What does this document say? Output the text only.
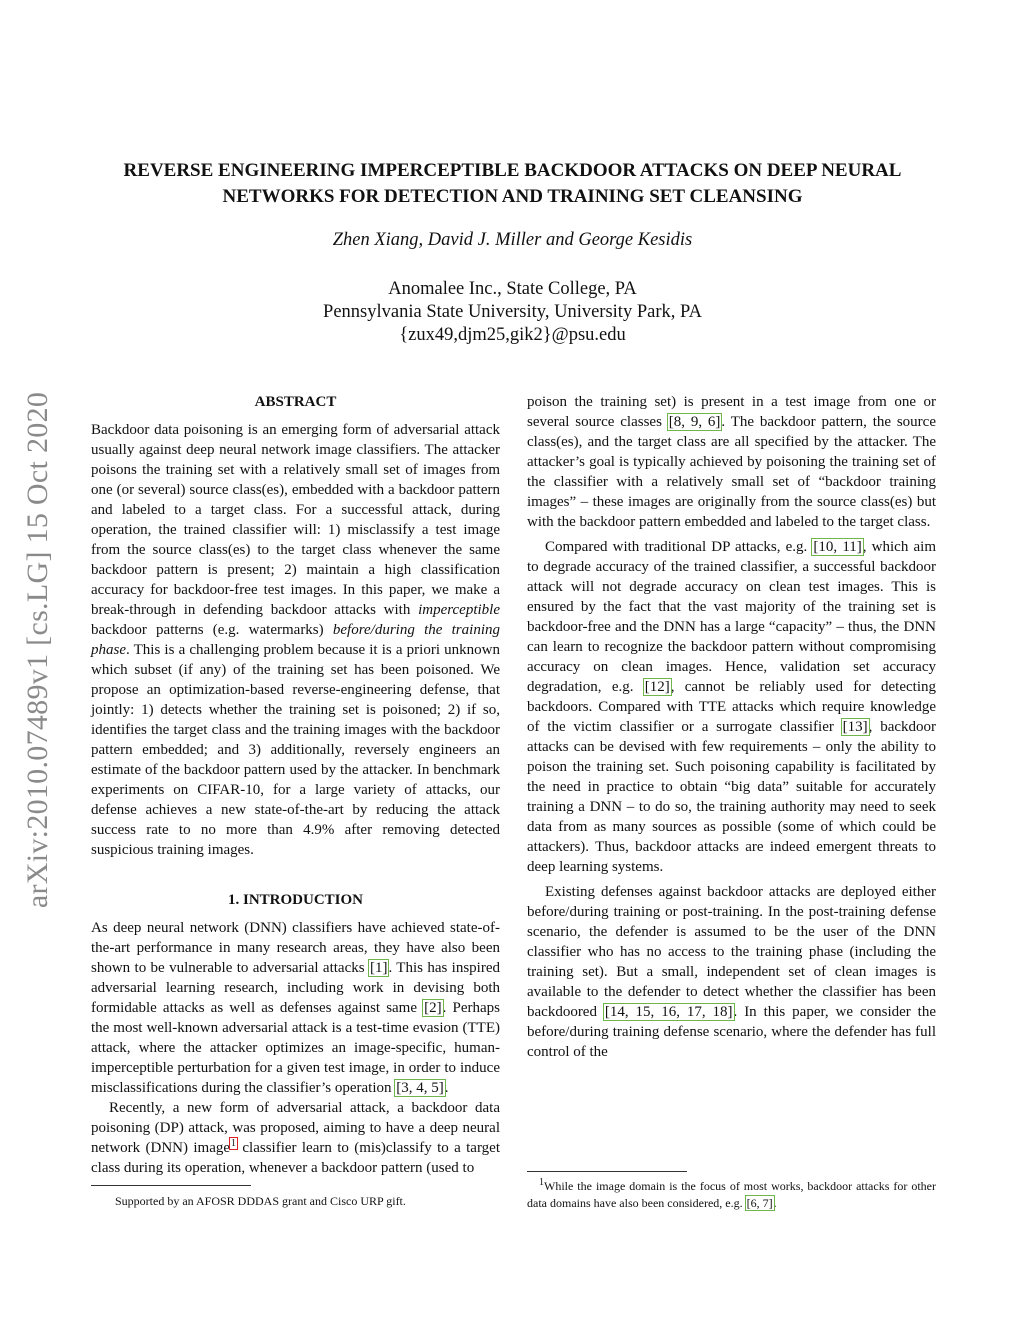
arXiv:2010.07489v1 [cs.LG] 15 Oct 2020
REVERSE ENGINEERING IMPERCEPTIBLE BACKDOOR ATTACKS ON DEEP NEURAL
NETWORKS FOR DETECTION AND TRAINING SET CLEANSING

Zhen Xiang, David J. Miller and George Kesidis

Anomalee Inc., State College, PA
Pennsylvania State University, University Park, PA
{zux49,djm25,gik2}@psu.edu
ABSTRACT

Backdoor data poisoning is an emerging form of adversarial attack usually against deep neural network image classifiers. The attacker poisons the training set with a relatively small set of images from one (or several) source class(es), embedded with a backdoor pattern and labeled to a target class. For a successful attack, during operation, the trained classifier will: 1) misclassify a test image from the source class(es) to the target class whenever the same backdoor pattern is present; 2) maintain a high classification accuracy for backdoor-free test images. In this paper, we make a break-through in defending backdoor attacks with imperceptible backdoor patterns (e.g. watermarks) before/during the training phase. This is a challenging problem because it is a priori unknown which subset (if any) of the training set has been poisoned. We propose an optimization-based reverse-engineering defense, that jointly: 1) detects whether the training set is poisoned; 2) if so, identifies the target class and the training images with the backdoor pattern embedded; and 3) additionally, reversely engineers an estimate of the backdoor pattern used by the attacker. In benchmark experiments on CIFAR-10, for a large variety of attacks, our defense achieves a new state-of-the-art by reducing the attack success rate to no more than 4.9% after removing detected suspicious training images.

1. INTRODUCTION

As deep neural network (DNN) classifiers have achieved state-of-the-art performance in many research areas, they have also been shown to be vulnerable to adversarial attacks [1]. This has inspired adversarial learning research, including work in devising both formidable attacks as well as defenses against same [2]. Perhaps the most well-known adversarial attack is a test-time evasion (TTE) attack, where the attacker optimizes an image-specific, human-imperceptible perturbation for a given test image, in order to induce misclassifications during the classifier’s operation [3, 4, 5].

Recently, a new form of adversarial attack, a backdoor data poisoning (DP) attack, was proposed, aiming to have a deep neural network (DNN) image$^1$ classifier learn to (mis)classify to a target class during its operation, whenever a backdoor pattern (used to

Supported by an AFOSR DDDAS grant and Cisco URP gift.

poison the training set) is present in a test image from one or several source classes [8, 9, 6]. The backdoor pattern, the source class(es), and the target class are all specified by the attacker. The attacker’s goal is typically achieved by poisoning the training set of the classifier with a relatively small set of “backdoor training images” – these images are originally from the source class(es) but with the backdoor pattern embedded and labeled to the target class.

Compared with traditional DP attacks, e.g. [10, 11], which aim to degrade accuracy of the trained classifier, a successful backdoor attack will not degrade accuracy on clean test images. This is ensured by the fact that the vast majority of the training set is backdoor-free and the DNN has a large “capacity” – thus, the DNN can learn to recognize the backdoor pattern without compromising accuracy on clean images. Hence, validation set accuracy degradation, e.g. [12], cannot be reliably used for detecting backdoors. Compared with TTE attacks which require knowledge of the victim classifier or a surrogate classifier [13], backdoor attacks can be devised with few requirements – only the ability to poison the training set. Such poisoning capability is facilitated by the need in practice to obtain “big data” suitable for accurately training a DNN – to do so, the training authority may need to seek data from as many sources as possible (some of which could be attackers). Thus, backdoor attacks are indeed emergent threats to deep learning systems.

Existing defenses against backdoor attacks are deployed either before/during training or post-training. In the post-training defense scenario, the defender is assumed to be the user of the DNN classifier who has no access to the training phase (including the training set). But a small, independent set of clean images is available to the defender to detect whether the classifier has been backdoored [14, 15, 16, 17, 18]. In this paper, we consider the before/during training defense scenario, where the defender has full control of the

$^1$While the image domain is the focus of most works, backdoor attacks for other data domains have also been considered, e.g. [6, 7].
